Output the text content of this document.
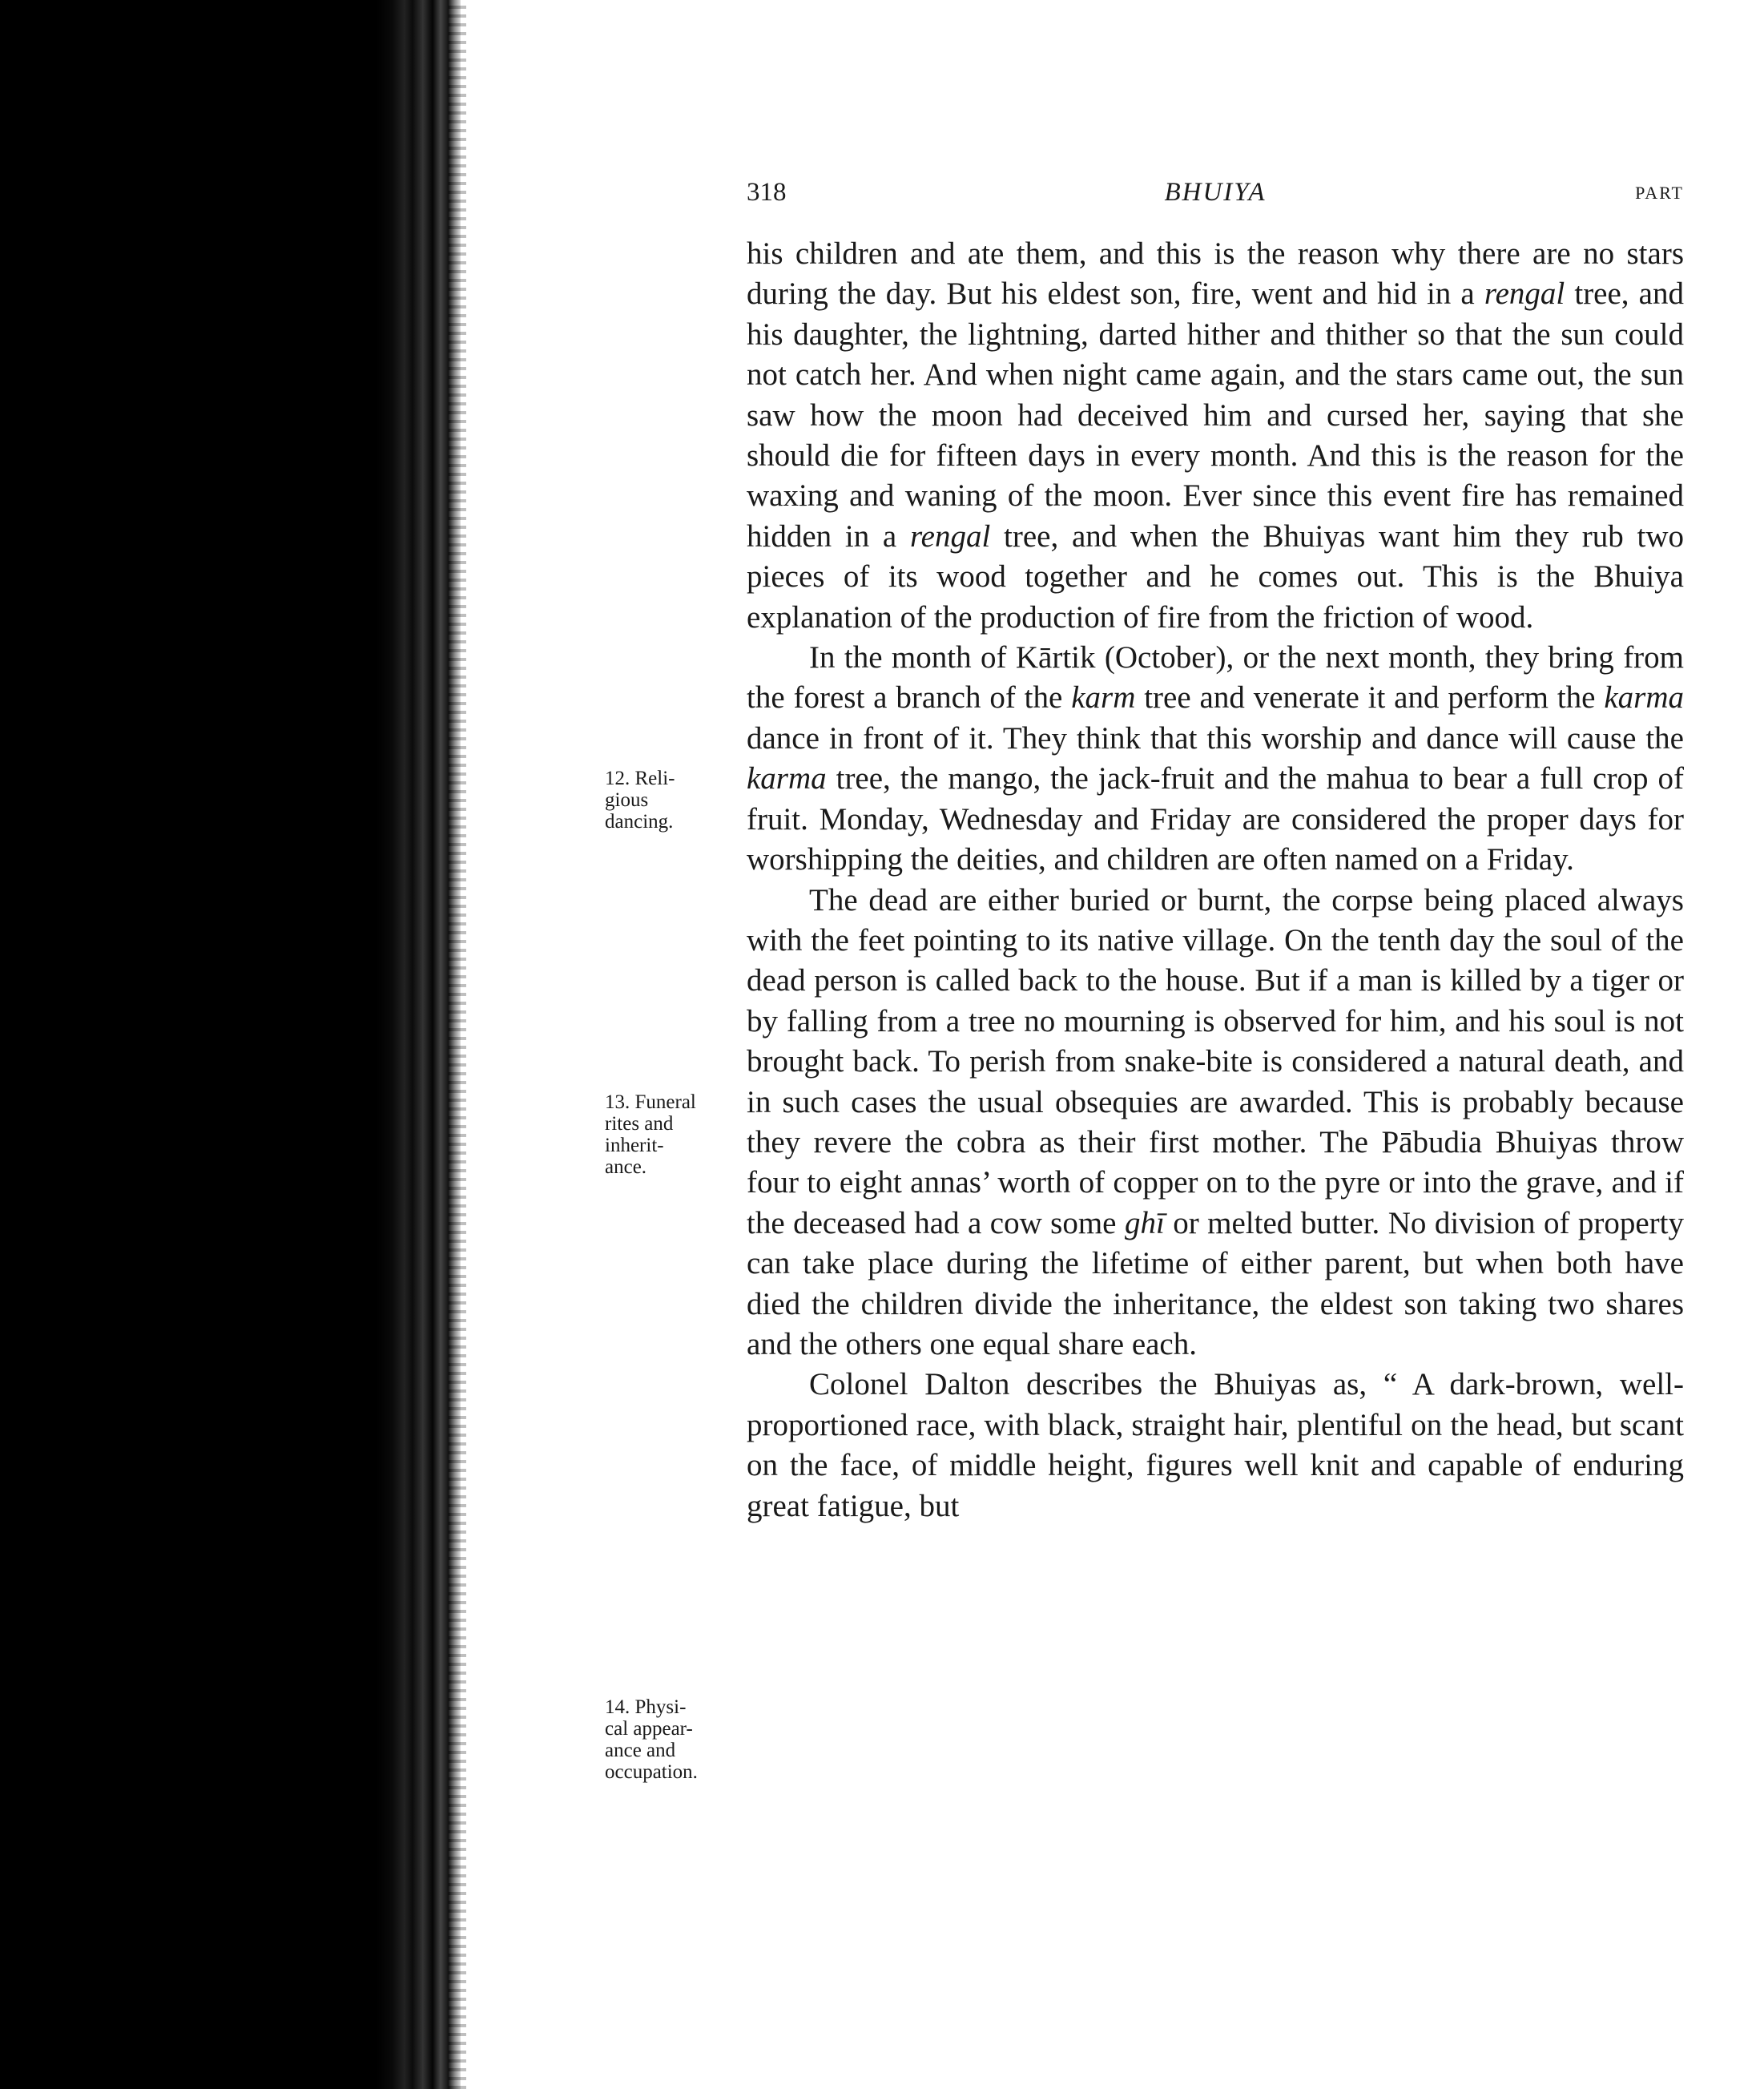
318	BHUIYA	PART
12. Reli-
gious
dancing.
13. Funeral
rites and
inherit-
ance.
14. Physi-
cal appear-
ance and
occupation.

his children and ate them, and this is the reason why there are no stars during the day. But his eldest son, fire, went and hid in a rengal tree, and his daughter, the lightning, darted hither and thither so that the sun could not catch her. And when night came again, and the stars came out, the sun saw how the moon had deceived him and cursed her, saying that she should die for fifteen days in every month. And this is the reason for the waxing and waning of the moon. Ever since this event fire has remained hidden in a rengal tree, and when the Bhuiyas want him they rub two pieces of its wood together and he comes out. This is the Bhuiya explanation of the production of fire from the friction of wood.

In the month of Kārtik (October), or the next month, they bring from the forest a branch of the karm tree and venerate it and perform the karma dance in front of it. They think that this worship and dance will cause the karma tree, the mango, the jack-fruit and the mahua to bear a full crop of fruit. Monday, Wednesday and Friday are considered the proper days for worshipping the deities, and children are often named on a Friday.

The dead are either buried or burnt, the corpse being placed always with the feet pointing to its native village. On the tenth day the soul of the dead person is called back to the house. But if a man is killed by a tiger or by falling from a tree no mourning is observed for him, and his soul is not brought back. To perish from snake-bite is considered a natural death, and in such cases the usual obsequies are awarded. This is probably because they revere the cobra as their first mother. The Pābudia Bhuiyas throw four to eight annas’ worth of copper on to the pyre or into the grave, and if the deceased had a cow some ghī or melted butter. No division of property can take place during the lifetime of either parent, but when both have died the children divide the inheritance, the eldest son taking two shares and the others one equal share each.

Colonel Dalton describes the Bhuiyas as, “ A dark-brown, well-proportioned race, with black, straight hair, plentiful on the head, but scant on the face, of middle height, figures well knit and capable of enduring great fatigue, but
